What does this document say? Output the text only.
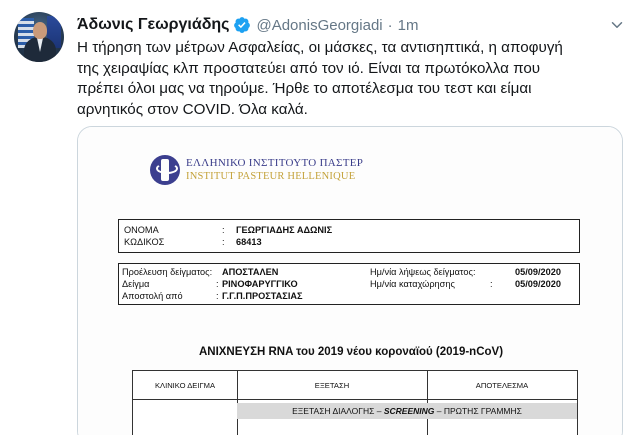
Άδωνις Γεωργιάδης @AdonisGeorgiadi · 1m
Η τήρηση των μέτρων Ασφαλείας, οι μάσκες, τα αντισηπτικά, η αποφυγή
της χειραψίας κλπ προστατεύει από τον ιό. Είναι τα πρωτόκολλα που
πρέπει όλοι μας να τηρούμε. Ήρθε το αποτέλεσμα του τεστ και είμαι
αρνητικός στον COVID. Όλα καλά.
ΕΛΛΗΝΙΚΟ ΙΝΣΤΙΤΟΥΤΟ ΠΑΣΤΕΡ
INSTITUT PASTEUR HELLENIQUE
ΟΝΟΜΑ	: ΓΕΩΡΓΙΑΔΗΣ ΑΔΩΝΙΣ
ΚΩΔΙΚΟΣ	: 68413
Προέλευση δείγματος: ΑΠΟΣΤΑΛΕΝ
Δείγμα	: ΡΙΝΟΦΑΡΥΓΓΙΚΟ
Αποστολή από	: Γ.Γ.Π.ΠΡΟΣΤΑΣΙΑΣ
Ημ/νία λήψεως δείγματος:	05/09/2020
Ημ/νία καταχώρησης	: 05/09/2020
ΑΝΙΧΝΕΥΣΗ RNA του 2019 νέου κοροναϊού (2019-nCoV)
ΚΛΙΝΙΚΟ ΔΕΙΓΜΑ	ΕΞΕΤΑΣΗ	ΑΠΟΤΕΛΕΣΜΑ
ΕΞΕΤΑΣΗ ΔΙΑΛΟΓΗΣ – SCREENING – ΠΡΩΤΗΣ ΓΡΑΜΜΗΣ
